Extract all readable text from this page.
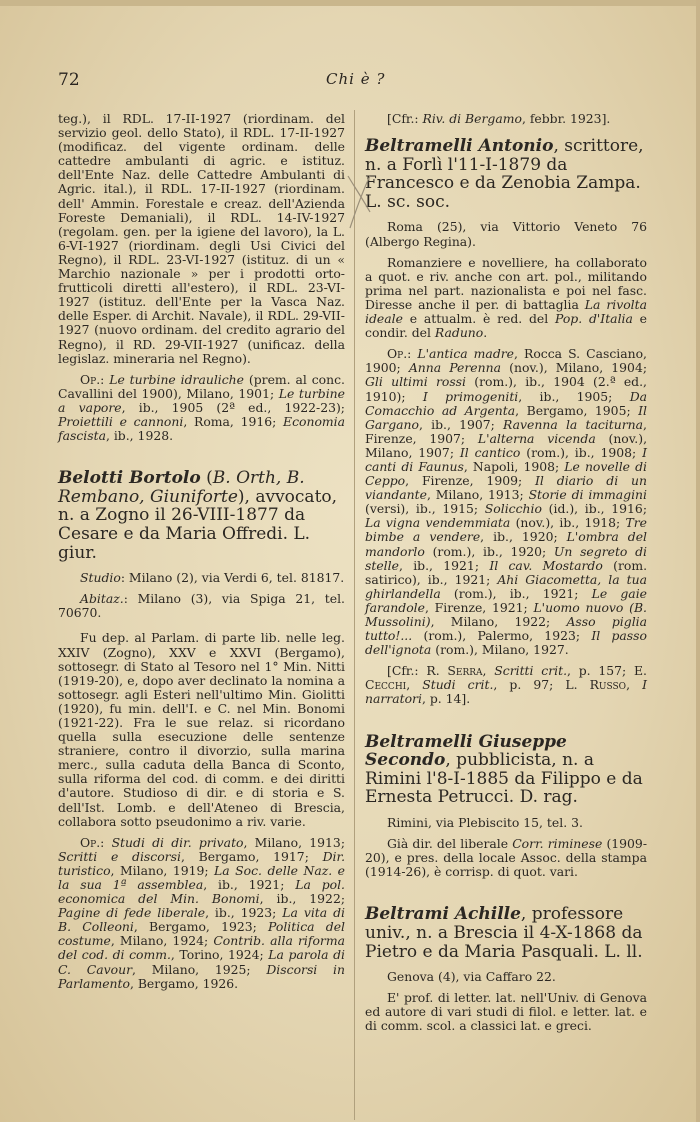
72	Chi è ?

teg.), il RDL. 17-II-1927 (riordinam. del servizio geol. dello Stato), il RDL. 17-II-1927 (modificaz. del vigente ordinam. delle cattedre ambulanti di agric. e istituz. dell'Ente Naz. delle Cattedre Ambulanti di Agric. ital.), il RDL. 17-II-1927 (riordinam. dell' Ammin. Forestale e creaz. dell'Azienda Foreste Demaniali), il RDL. 14-IV-1927 (regolam. gen. per la igiene del lavoro), la L. 6-VI-1927 (riordinam. degli Usi Civici del Regno), il RDL. 23-VI-1927 (istituz. di un « Marchio nazionale » per i prodotti orto-frutticoli diretti all'estero), il RDL. 23-VI-1927 (istituz. dell'Ente per la Vasca Naz. delle Esper. di Archit. Navale), il RDL. 29-VII-1927 (nuovo ordinam. del credito agrario del Regno), il RD. 29-VII-1927 (unificaz. della legislaz. mineraria nel Regno).

Op.: Le turbine idrauliche (prem. al conc. Cavallini del 1900), Milano, 1901; Le turbine a vapore, ib., 1905 (2ª ed., 1922-23); Proiettili e cannoni, Roma, 1916; Economia fascista, ib., 1928.

Belotti Bortolo (B. Orth, B. Rembano, Giuniforte), avvocato, n. a Zogno il 26-VIII-1877 da Cesare e da Maria Offredi. L. giur.

Studio: Milano (2), via Verdi 6, tel. 81817.

Abitaz.: Milano (3), via Spiga 21, tel. 70670.

Fu dep. al Parlam. di parte lib. nelle leg. XXIV (Zogno), XXV e XXVI (Bergamo), sottosegr. di Stato al Tesoro nel 1° Min. Nitti (1919-20), e, dopo aver declinato la nomina a sottosegr. agli Esteri nell'ultimo Min. Giolitti (1920), fu min. dell'I. e C. nel Min. Bonomi (1921-22). Fra le sue relaz. si ricordano quella sulla esecuzione delle sentenze straniere, contro il divorzio, sulla marina merc., sulla caduta della Banca di Sconto, sulla riforma del cod. di comm. e dei diritti d'autore. Studioso di dir. e di storia e S. dell'Ist. Lomb. e dell'Ateneo di Brescia, collabora sotto pseudonimo a riv. varie.

Op.: Studi di dir. privato, Milano, 1913; Scritti e discorsi, Bergamo, 1917; Dir. turistico, Milano, 1919; La Soc. delle Naz. e la sua 1ª assemblea, ib., 1921; La pol. economica del Min. Bonomi, ib., 1922; Pagine di fede liberale, ib., 1923; La vita di B. Colleoni, Bergamo, 1923; Politica del costume, Milano, 1924; Contrib. alla riforma del cod. di comm., Torino, 1924; La parola di C. Cavour, Milano, 1925; Discorsi in Parlamento, Bergamo, 1926.

[Cfr.: Riv. di Bergamo, febbr. 1923].

Beltramelli Antonio, scrittore, n. a Forlì l'11-I-1879 da Francesco e da Zenobia Zampa. L. sc. soc.

Roma (25), via Vittorio Veneto 76 (Albergo Regina).

Romanziere e novelliere, ha collaborato a quot. e riv. anche con art. pol., militando prima nel part. nazionalista e poi nel fasc. Diresse anche il per. di battaglia La rivolta ideale e attualm. è red. del Pop. d'Italia e condir. del Raduno.

Op.: L'antica madre, Rocca S. Casciano, 1900; Anna Perenna (nov.), Milano, 1904; Gli ultimi rossi (rom.), ib., 1904 (2.ª ed., 1910); I primogeniti, ib., 1905; Da Comacchio ad Argenta, Bergamo, 1905; Il Gargano, ib., 1907; Ravenna la taciturna, Firenze, 1907; L'alterna vicenda (nov.), Milano, 1907; Il cantico (rom.), ib., 1908; I canti di Faunus, Napoli, 1908; Le novelle di Ceppo, Firenze, 1909; Il diario di un viandante, Milano, 1913; Storie di immagini (versi), ib., 1915; Solicchio (id.), ib., 1916; La vigna vendemmiata (nov.), ib., 1918; Tre bimbe a vendere, ib., 1920; L'ombra del mandorlo (rom.), ib., 1920; Un segreto di stelle, ib., 1921; Il cav. Mostardo (rom. satirico), ib., 1921; Ahi Giacometta, la tua ghirlandella (rom.), ib., 1921; Le gaie farandole, Firenze, 1921; L'uomo nuovo (B. Mussolini), Milano, 1922; Asso piglia tutto!... (rom.), Palermo, 1923; Il passo dell'ignota (rom.), Milano, 1927.

[Cfr.: R. Serra, Scritti crit., p. 157; E. Cecchi, Studi crit., p. 97; L. Russo, I narratori, p. 14].

Beltramelli Giuseppe Secondo, pubblicista, n. a Rimini l'8-I-1885 da Filippo e da Ernesta Petrucci. D. rag.

Rimini, via Plebiscito 15, tel. 3.

Già dir. del liberale Corr. riminese (1909-20), e pres. della locale Assoc. della stampa (1914-26), è corrisp. di quot. vari.

Beltrami Achille, professore univ., n. a Brescia il 4-X-1868 da Pietro e da Maria Pasquali. L. ll.

Genova (4), via Caffaro 22.

E' prof. di letter. lat. nell'Univ. di Genova ed autore di vari studi di filol. e letter. lat. e di comm. scol. a classici lat. e greci.
